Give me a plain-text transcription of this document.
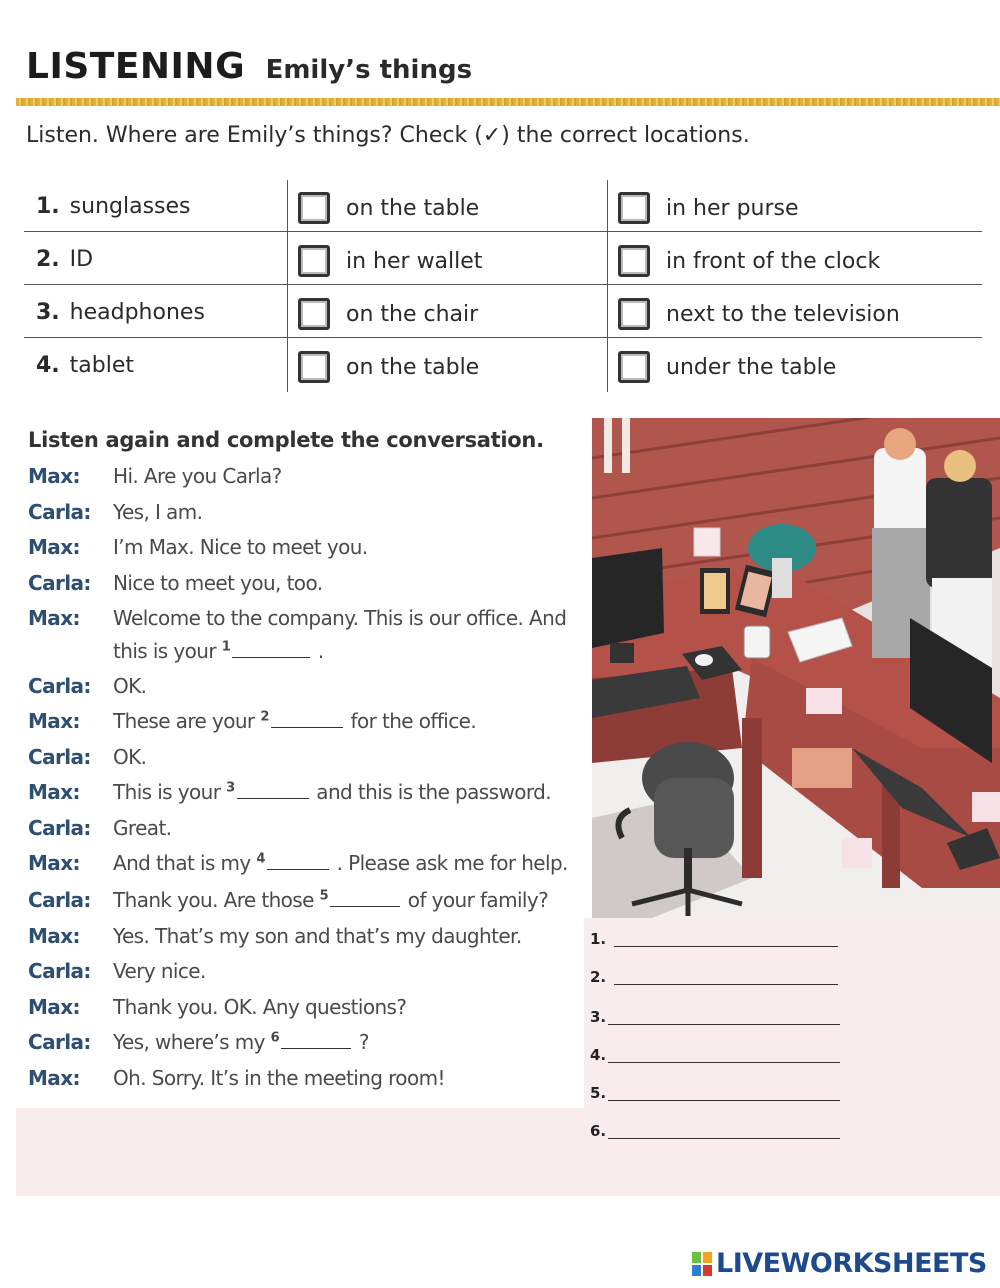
LISTENING Emily’s things
Listen. Where are Emily’s things? Check (✓) the correct locations.
1. sunglasses	on the table	in her purse
2. ID	in her wallet	in front of the clock
3. headphones	on the chair	next to the television
4. tablet	on the table	under the table
Listen again and complete the conversation.
Max: Hi. Are you Carla?
Carla: Yes, I am.
Max: I’m Max. Nice to meet you.
Carla: Nice to meet you, too.
Max: Welcome to the company. This is our office. And
this is your $^1$	.
Carla: OK.
Max: These are your $^2$	for the office.
Carla: OK.
Max: This is your $^3$	and this is the password.
Carla: Great.
Max: And that is my $^4$	. Please ask me for help.
Carla: Thank you. Are those $^5$	of your family?
Max: Yes. That’s my son and that’s my daughter.
Carla: Very nice.
Max: Thank you. OK. Any questions?
Carla: Yes, where’s my $^6$	?
Max: Oh. Sorry. It’s in the meeting room!
1.
2.
3.
4.
5.
6.
LIVEWORKSHEETS
